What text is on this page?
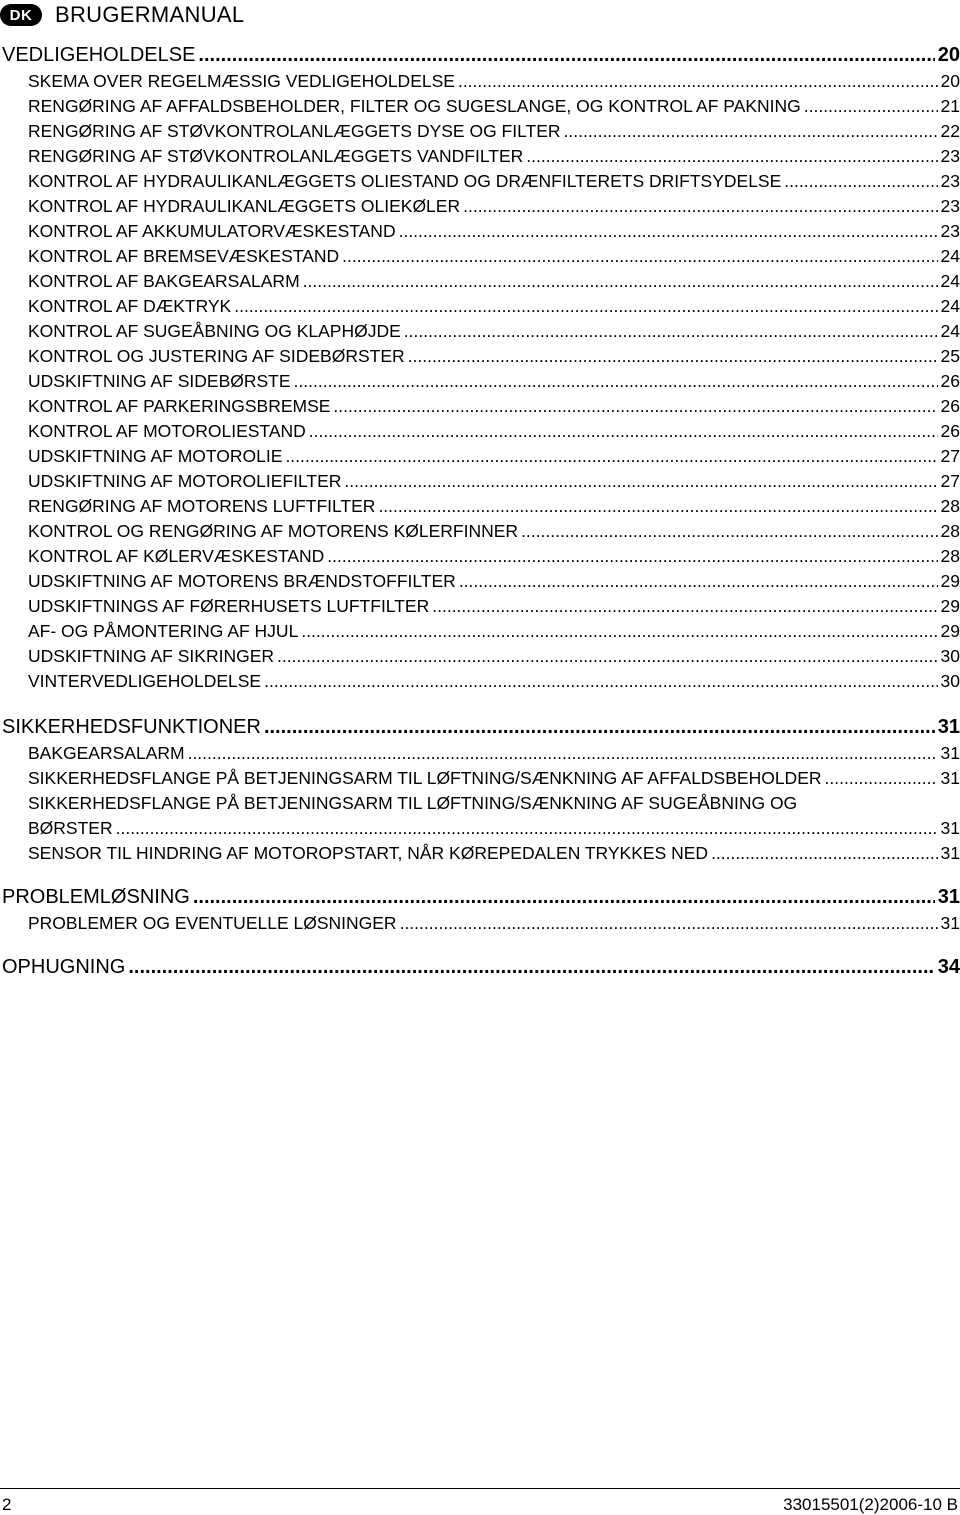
DK	BRUGERMANUAL
VEDLIGEHOLDELSE .....	20
SKEMA OVER REGELMÆSSIG VEDLIGEHOLDELSE .....	20
RENGØRING AF AFFALDSBEHOLDER, FILTER OG SUGESLANGE, OG KONTROL AF PAKNING .....	21
RENGØRING AF STØVKONTROLANLÆGGETS DYSE OG FILTER .....	22
RENGØRING AF STØVKONTROLANLÆGGETS VANDFILTER .....	23
KONTROL AF HYDRAULIKANLÆGGETS OLIESTAND OG DRÆNFILTERETS DRIFTSYDELSE .....	23
KONTROL AF HYDRAULIKANLÆGGETS OLIEKØLER .....	23
KONTROL AF AKKUMULATORVÆSKESTAND .....	23
KONTROL AF BREMSEVÆSKESTAND .....	24
KONTROL AF BAKGEARSALARM .....	24
KONTROL AF DÆKTRYK .....	24
KONTROL AF SUGEÅBNING OG KLAPHØJDE .....	24
KONTROL OG JUSTERING AF SIDEBØRSTER .....	25
UDSKIFTNING AF SIDEBØRSTE .....	26
KONTROL AF PARKERINGSBREMSE .....	26
KONTROL AF MOTOROLIESTAND .....	26
UDSKIFTNING AF MOTOROLIE .....	27
UDSKIFTNING AF MOTOROLIEFILTER .....	27
RENGØRING AF MOTORENS LUFTFILTER .....	28
KONTROL OG RENGØRING AF MOTORENS KØLERFINNER .....	28
KONTROL AF KØLERVÆSKESTAND .....	28
UDSKIFTNING AF MOTORENS BRÆNDSTOFFILTER .....	29
UDSKIFTNINGS AF FØRERHUSETS LUFTFILTER .....	29
AF- OG PÅMONTERING AF HJUL .....	29
UDSKIFTNING AF SIKRINGER .....	30
VINTERVEDLIGEHOLDELSE .....	30
SIKKERHEDSFUNKTIONER .....	31
BAKGEARSALARM .....	31
SIKKERHEDSFLANGE PÅ BETJENINGSARM TIL LØFTNING/SÆNKNING AF AFFALDSBEHOLDER .....	31
SIKKERHEDSFLANGE PÅ BETJENINGSARM TIL LØFTNING/SÆNKNING AF SUGEÅBNING OG
BØRSTER .....	31
SENSOR TIL HINDRING AF MOTOROPSTART, NÅR KØREPEDALEN TRYKKES NED .....	31
PROBLEMLØSNING .....	31
PROBLEMER OG EVENTUELLE LØSNINGER .....	31
OPHUGNING .....	34
2	33015501(2)2006-10 B
